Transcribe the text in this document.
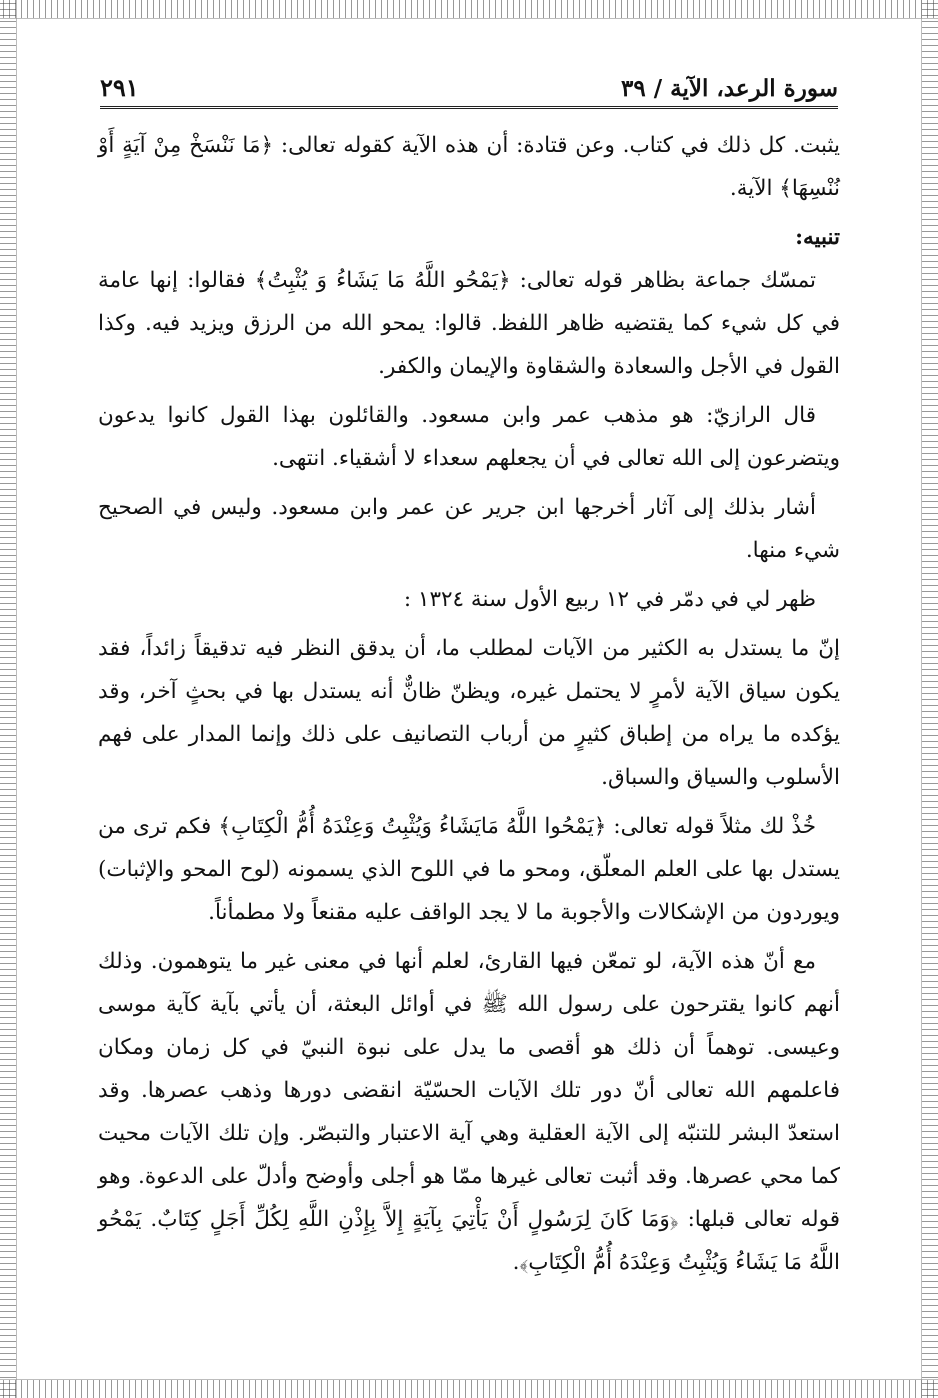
سورة الرعد، الآية / ٣٩
٢٩١

يثبت. كل ذلك في كتاب. وعن قتادة: أن هذه الآية كقوله تعالى: ﴿مَا نَنْسَخْ مِنْ آيَةٍ أَوْ نُنْسِهَا﴾ الآية.

تنبيه:

تمسّك جماعة بظاهر قوله تعالى: ﴿يَمْحُو اللَّهُ مَا يَشَاءُ وَ يُثْبِتُ﴾ فقالوا: إنها عامة في كل شيء كما يقتضيه ظاهر اللفظ. قالوا: يمحو الله من الرزق ويزيد فيه. وكذا القول في الأجل والسعادة والشقاوة والإيمان والكفر.

قال الرازيّ: هو مذهب عمر وابن مسعود. والقائلون بهذا القول كانوا يدعون ويتضرعون إلى الله تعالى في أن يجعلهم سعداء لا أشقياء. انتهى.

أشار بذلك إلى آثار أخرجها ابن جرير عن عمر وابن مسعود. وليس في الصحيح شيء منها.

ظهر لي في دمّر في ١٢ ربيع الأول سنة ١٣٢٤ :

إنّ ما يستدل به الكثير من الآيات لمطلب ما، أن يدقق النظر فيه تدقيقاً زائداً، فقد يكون سياق الآية لأمرٍ لا يحتمل غيره، ويظنّ ظانٌّ أنه يستدل بها في بحثٍ آخر، وقد يؤكده ما يراه من إطباق كثيرٍ من أرباب التصانيف على ذلك وإنما المدار على فهم الأسلوب والسياق والسباق.

خُذْ لك مثلاً قوله تعالى: ﴿يَمْحُوا اللَّهُ مَايَشَاءُ وَيُثْبِتُ وَعِنْدَهُ أُمُّ الْكِتَابِ﴾ فكم ترى من يستدل بها على العلم المعلّق، ومحو ما في اللوح الذي يسمونه (لوح المحو والإثبات) ويوردون من الإشكالات والأجوبة ما لا يجد الواقف عليه مقنعاً ولا مطمأناً.

مع أنّ هذه الآية، لو تمعّن فيها القارئ، لعلم أنها في معنى غير ما يتوهمون. وذلك أنهم كانوا يقترحون على رسول الله ﷺ في أوائل البعثة، أن يأتي بآية كآية موسى وعيسى. توهماً أن ذلك هو أقصى ما يدل على نبوة النبيّ في كل زمان ومكان فاعلمهم الله تعالى أنّ دور تلك الآيات الحسّيّة انقضى دورها وذهب عصرها. وقد استعدّ البشر للتنبّه إلى الآية العقلية وهي آية الاعتبار والتبصّر. وإن تلك الآيات محيت كما محي عصرها. وقد أثبت تعالى غيرها ممّا هو أجلى وأوضح وأدلّ على الدعوة. وهو قوله تعالى قبلها: ﴿وَمَا كَانَ لِرَسُولٍ أَنْ يَأْتِيَ بِآيَةٍ إِلاَّ بِإِذْنِ اللَّهِ لِكُلِّ أَجَلٍ كِتَابٌ. يَمْحُو اللَّهُ مَا يَشَاءُ وَيُثْبِتُ وَعِنْدَهُ أُمُّ الْكِتَابِ﴾.
